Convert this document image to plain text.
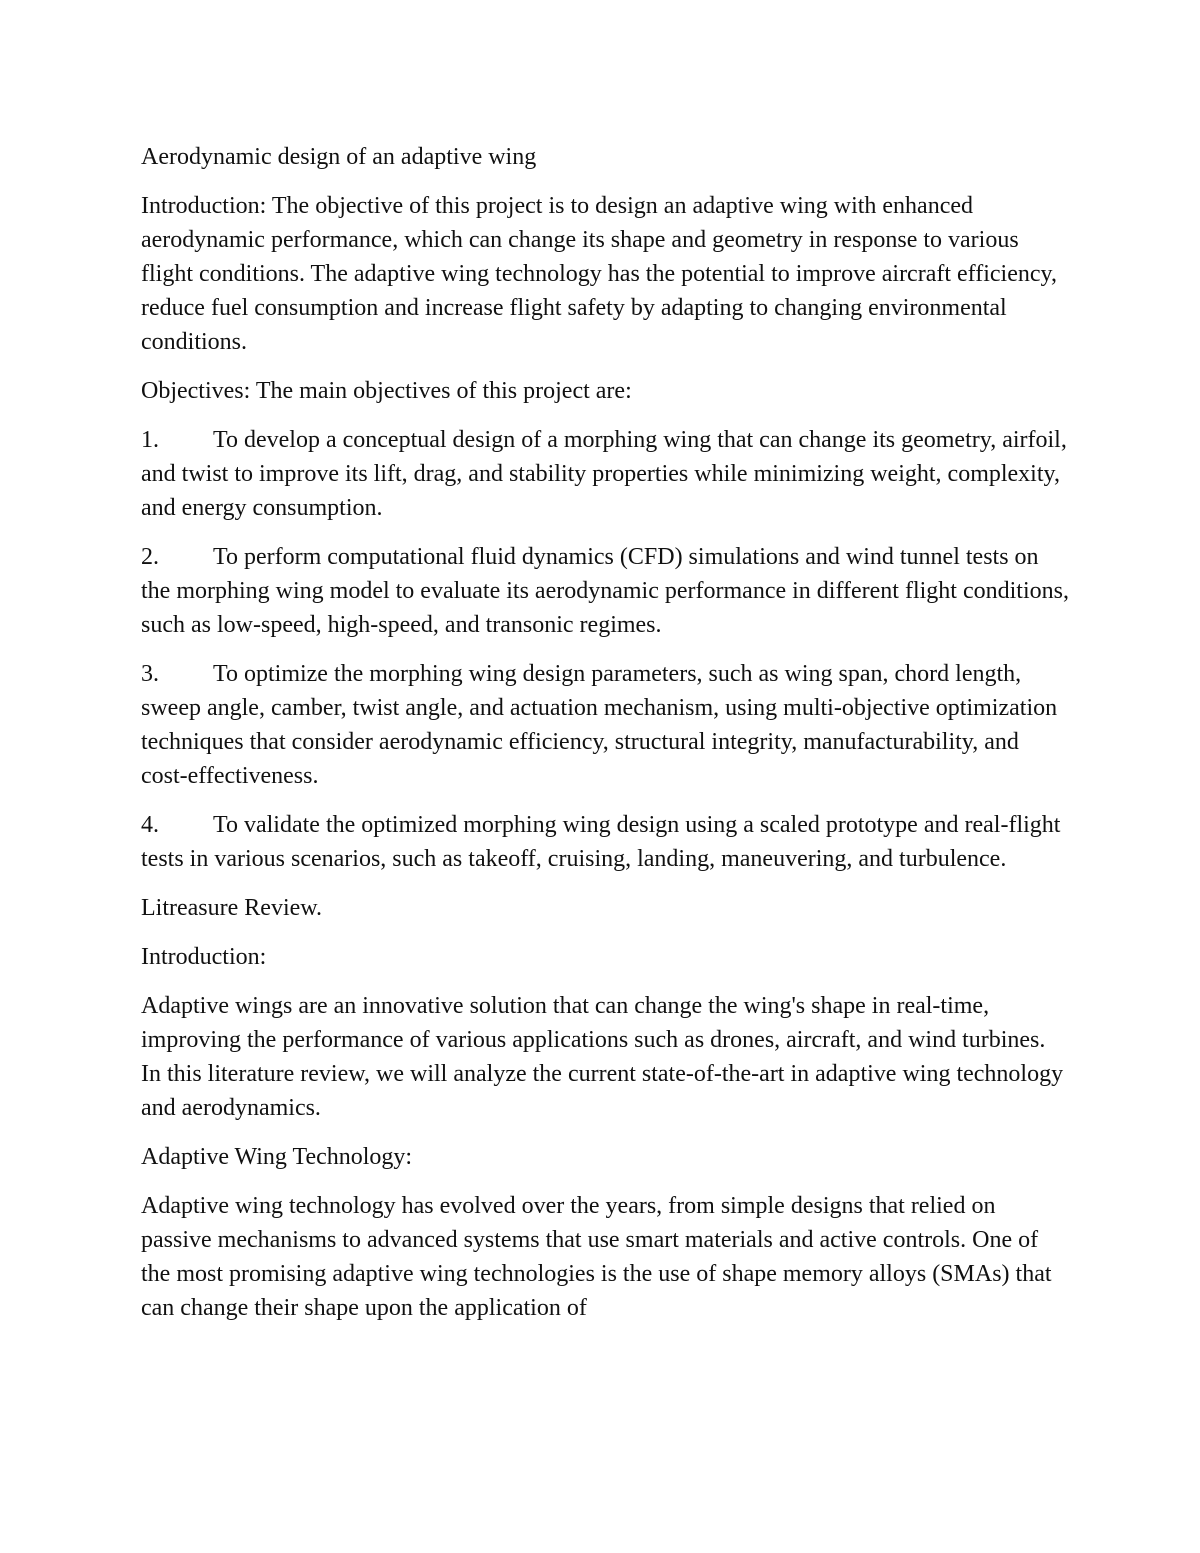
Aerodynamic design of an adaptive wing

Introduction: The objective of this project is to design an adaptive wing with enhanced aerodynamic performance, which can change its shape and geometry in response to various flight conditions. The adaptive wing technology has the potential to improve aircraft efficiency, reduce fuel consumption and increase flight safety by adapting to changing environmental conditions.

Objectives: The main objectives of this project are:

1. To develop a conceptual design of a morphing wing that can change its geometry, airfoil, and twist to improve its lift, drag, and stability properties while minimizing weight, complexity, and energy consumption.

2. To perform computational fluid dynamics (CFD) simulations and wind tunnel tests on the morphing wing model to evaluate its aerodynamic performance in different flight conditions, such as low-speed, high-speed, and transonic regimes.

3. To optimize the morphing wing design parameters, such as wing span, chord length, sweep angle, camber, twist angle, and actuation mechanism, using multi-objective optimization techniques that consider aerodynamic efficiency, structural integrity, manufacturability, and cost-effectiveness.

4. To validate the optimized morphing wing design using a scaled prototype and real-flight tests in various scenarios, such as takeoff, cruising, landing, maneuvering, and turbulence.

Litreasure Review.

Introduction:

Adaptive wings are an innovative solution that can change the wing's shape in real-time, improving the performance of various applications such as drones, aircraft, and wind turbines. In this literature review, we will analyze the current state-of-the-art in adaptive wing technology and aerodynamics.

Adaptive Wing Technology:

Adaptive wing technology has evolved over the years, from simple designs that relied on passive mechanisms to advanced systems that use smart materials and active controls. One of the most promising adaptive wing technologies is the use of shape memory alloys (SMAs) that can change their shape upon the application of
